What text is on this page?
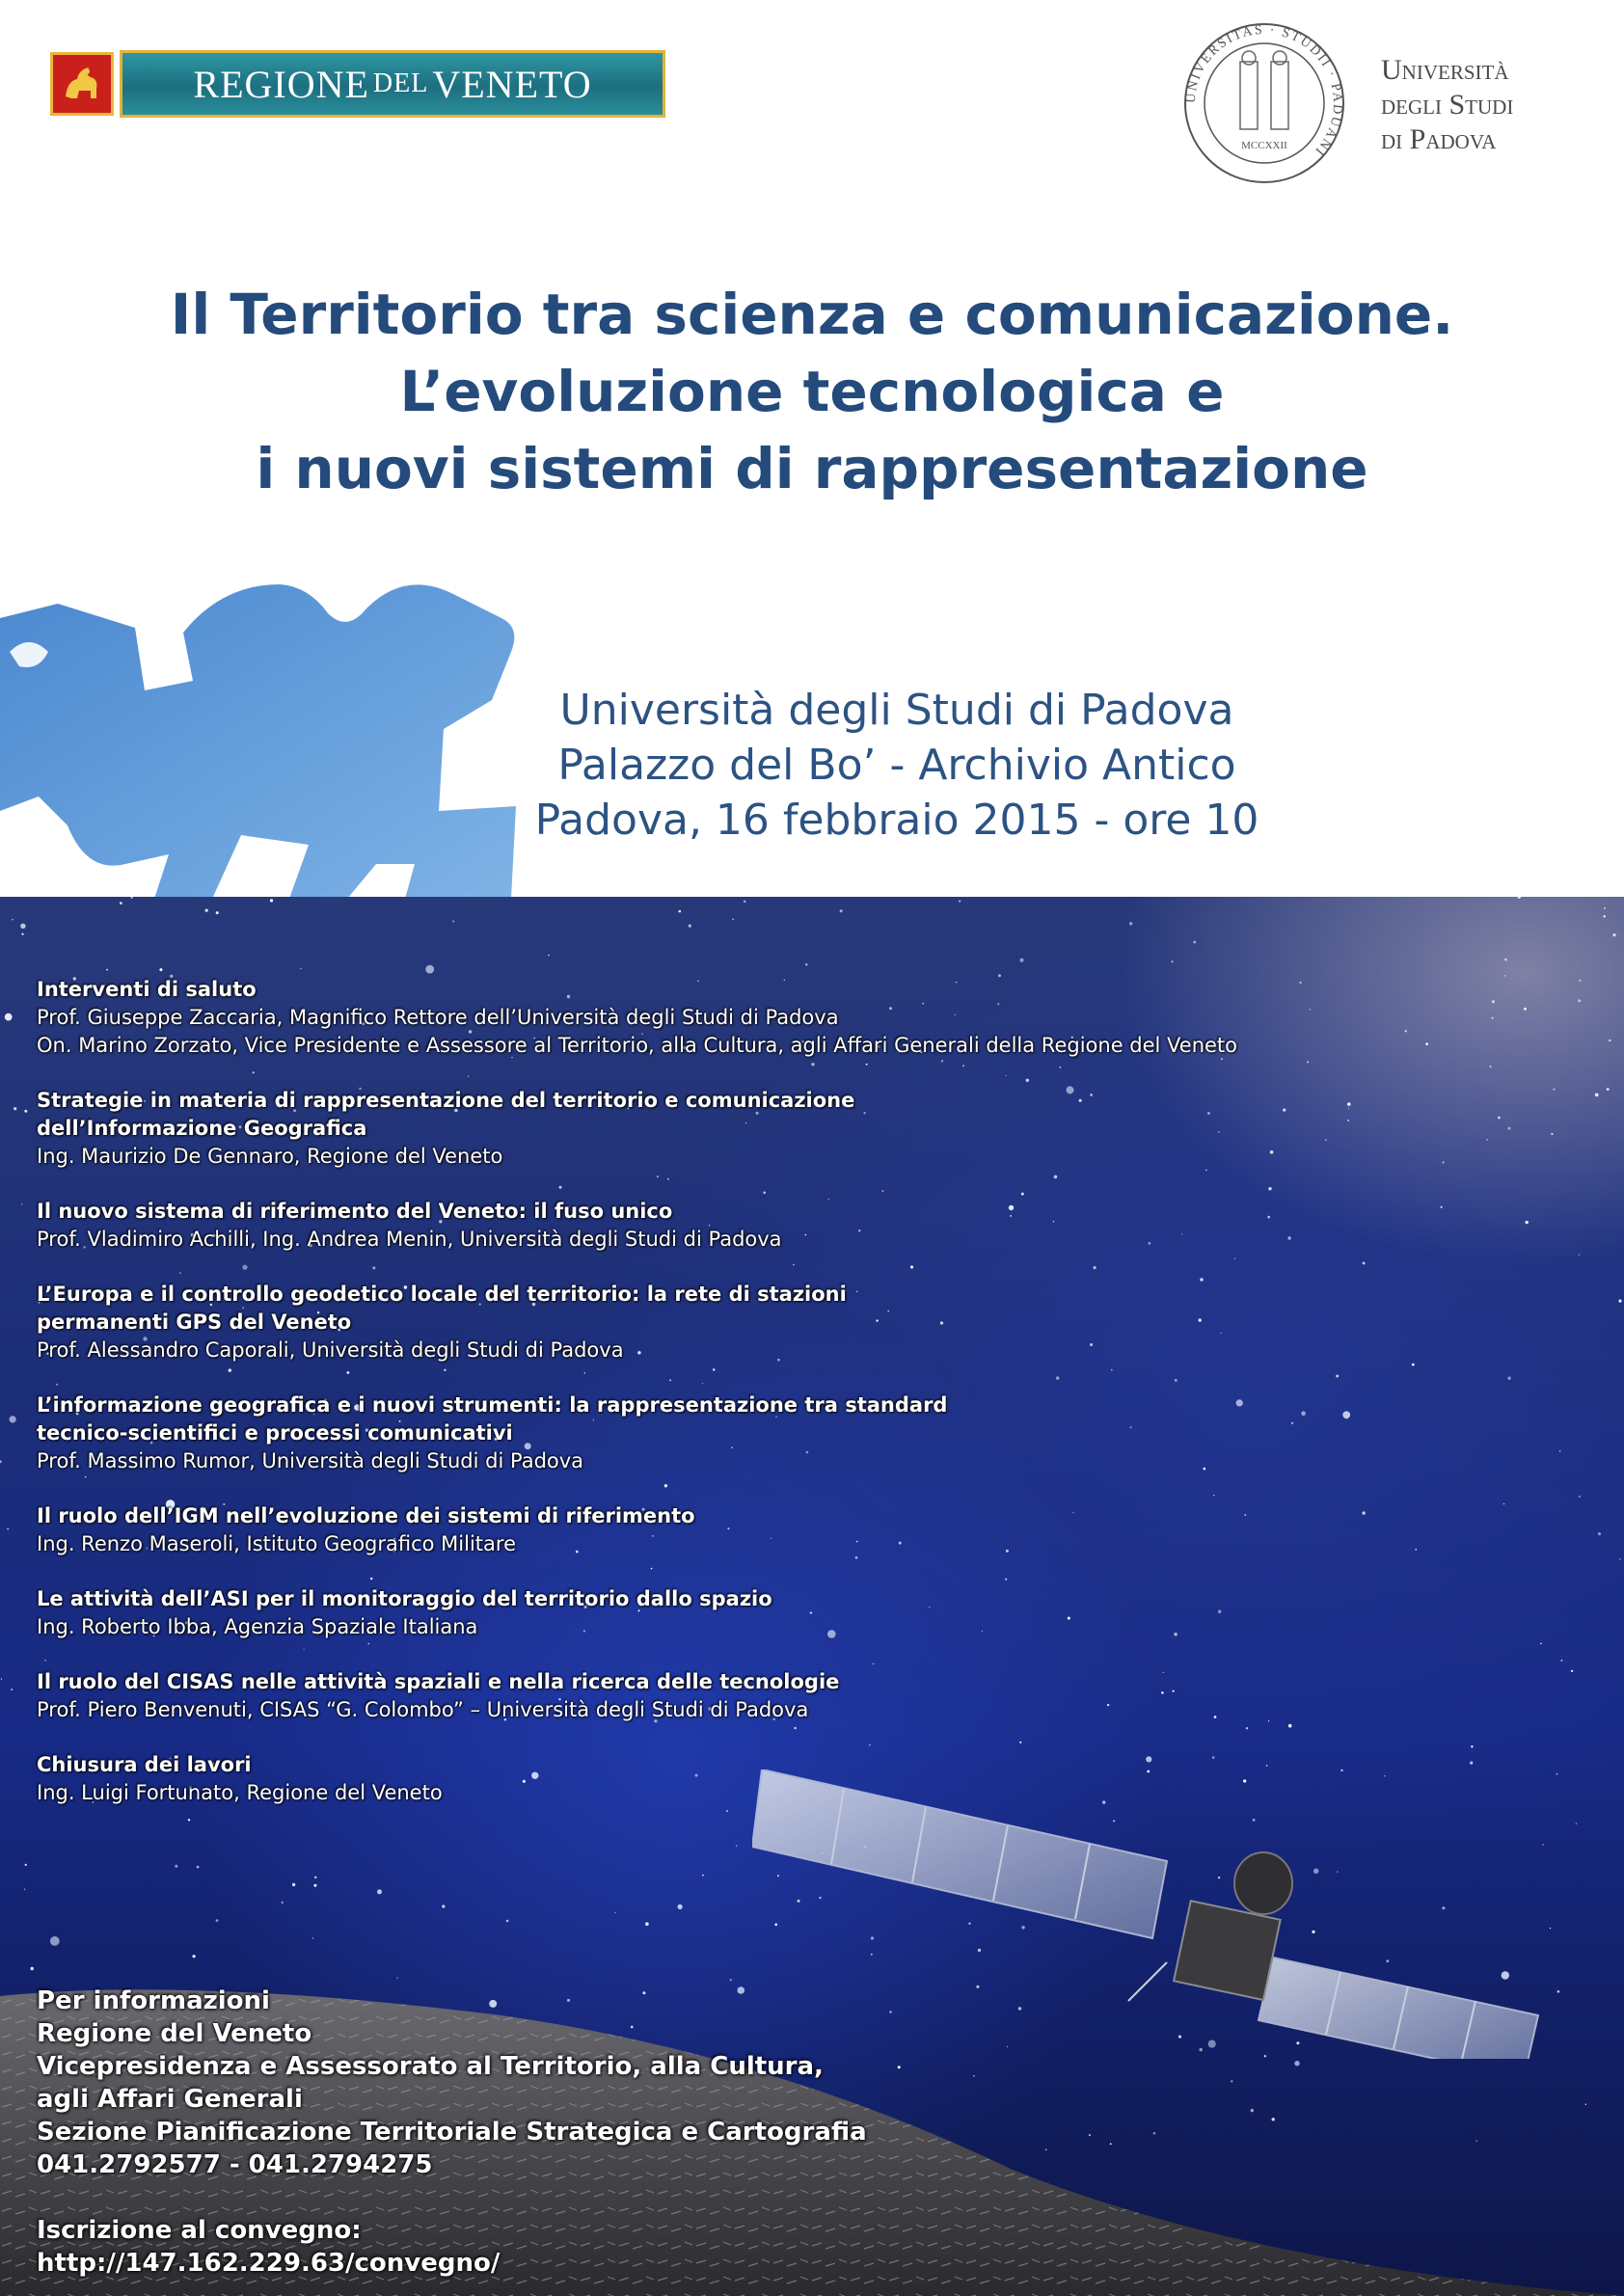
REGIONE DEL VENETO	UNIVERSITAS · STUDII · PADUANI
MCCXXII
Università
degli Studi
di Padova
Il Territorio tra scienza e comunicazione.
L’evoluzione tecnologica e
i nuovi sistemi di rappresentazione
Università degli Studi di Padova
Palazzo del Bo’ - Archivio Antico
Padova, 16 febbraio 2015 - ore 10
Interventi di saluto
Prof. Giuseppe Zaccaria, Magnifico Rettore dell’Università degli Studi di Padova
On. Marino Zorzato, Vice Presidente e Assessore al Territorio, alla Cultura, agli Affari Generali della Regione del Veneto
Strategie in materia di rappresentazione del territorio e comunicazione
dell’Informazione Geografica
Ing. Maurizio De Gennaro, Regione del Veneto
Il nuovo sistema di riferimento del Veneto: il fuso unico
Prof. Vladimiro Achilli, Ing. Andrea Menin, Università degli Studi di Padova
L’Europa e il controllo geodetico locale del territorio: la rete di stazioni
permanenti GPS del Veneto
Prof. Alessandro Caporali, Università degli Studi di Padova
L’informazione geografica e i nuovi strumenti: la rappresentazione tra standard
tecnico-scientifici e processi comunicativi
Prof. Massimo Rumor, Università degli Studi di Padova
Il ruolo dell’IGM nell’evoluzione dei sistemi di riferimento
Ing. Renzo Maseroli, Istituto Geografico Militare
Le attività dell’ASI per il monitoraggio del territorio dallo spazio
Ing. Roberto Ibba, Agenzia Spaziale Italiana
Il ruolo del CISAS nelle attività spaziali e nella ricerca delle tecnologie
Prof. Piero Benvenuti, CISAS “G. Colombo” – Università degli Studi di Padova
Chiusura dei lavori
Ing. Luigi Fortunato, Regione del Veneto
Per informazioni
Regione del Veneto
Vicepresidenza e Assessorato al Territorio, alla Cultura,
agli Affari Generali
Sezione Pianificazione Territoriale Strategica e Cartografia
041.2792577 - 041.2794275
Iscrizione al convegno:
http://147.162.229.63/convegno/
